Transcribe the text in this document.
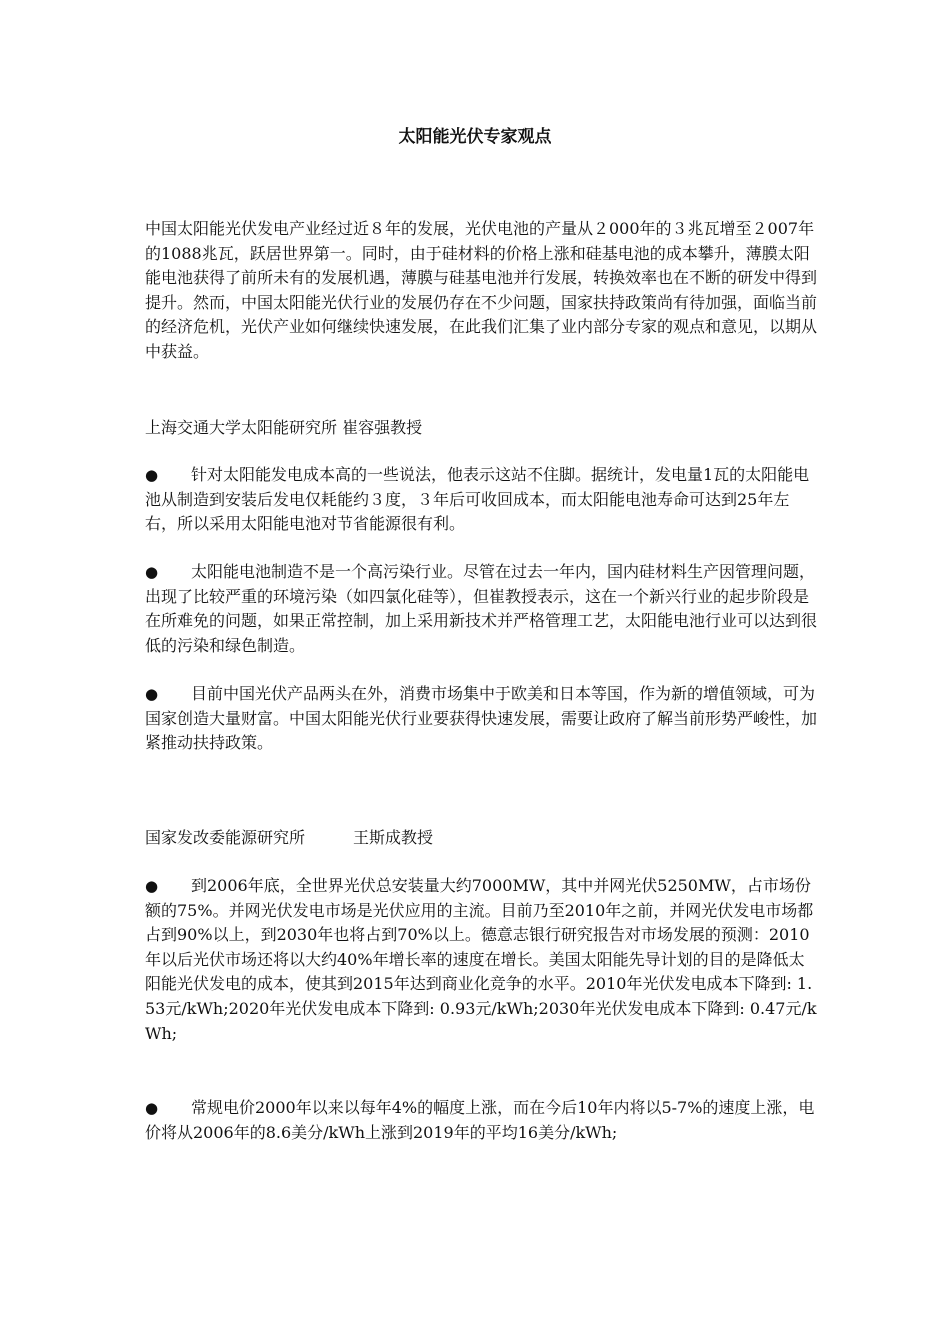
太阳能光伏专家观点

中国太阳能光伏发电产业经过近８年的发展，光伏电池的产量从２000年的３兆瓦增至２007年的1088兆瓦，跃居世界第一。同时，由于硅材料的价格上涨和硅基电池的成本攀升，薄膜太阳能电池获得了前所未有的发展机遇，薄膜与硅基电池并行发展，转换效率也在不断的研发中得到提升。然而，中国太阳能光伏行业的发展仍存在不少问题，国家扶持政策尚有待加强，面临当前的经济危机，光伏产业如何继续快速发展，在此我们汇集了业内部分专家的观点和意见，以期从中获益。

上海交通大学太阳能研究所 崔容强教授
● 针对太阳能发电成本高的一些说法，他表示这站不住脚。据统计，发电量1瓦的太阳能电池从制造到安装后发电仅耗能约３度，３年后可收回成本，而太阳能电池寿命可达到25年左右，所以采用太阳能电池对节省能源很有利。
● 太阳能电池制造不是一个高污染行业。尽管在过去一年内，国内硅材料生产因管理问题，出现了比较严重的环境污染（如四氯化硅等），但崔教授表示，这在一个新兴行业的起步阶段是在所难免的问题，如果正常控制，加上采用新技术并严格管理工艺，太阳能电池行业可以达到很低的污染和绿色制造。
● 目前中国光伏产品两头在外，消费市场集中于欧美和日本等国，作为新的增值领域，可为国家创造大量财富。中国太阳能光伏行业要获得快速发展，需要让政府了解当前形势严峻性，加紧推动扶持政策。
国家发改委能源研究所　　　王斯成教授
● 到2006年底，全世界光伏总安装量大约7000MW，其中并网光伏5250MW，占市场份额的75%。并网光伏发电市场是光伏应用的主流。目前乃至2010年之前，并网光伏发电市场都占到90%以上，到2030年也将占到70%以上。德意志银行研究报告对市场发展的预测：2010年以后光伏市场还将以大约40%年增长率的速度在增长。美国太阳能先导计划的目的是降低太阳能光伏发电的成本，使其到2015年达到商业化竞争的水平。2010年光伏发电成本下降到: 1.53元/kWh;2020年光伏发电成本下降到: 0.93元/kWh;2030年光伏发电成本下降到: 0.47元/kWh;
● 常规电价2000年以来以每年4%的幅度上涨，而在今后10年内将以5-7%的速度上涨，电价将从2006年的8.6美分/kWh上涨到2019年的平均16美分/kWh;
